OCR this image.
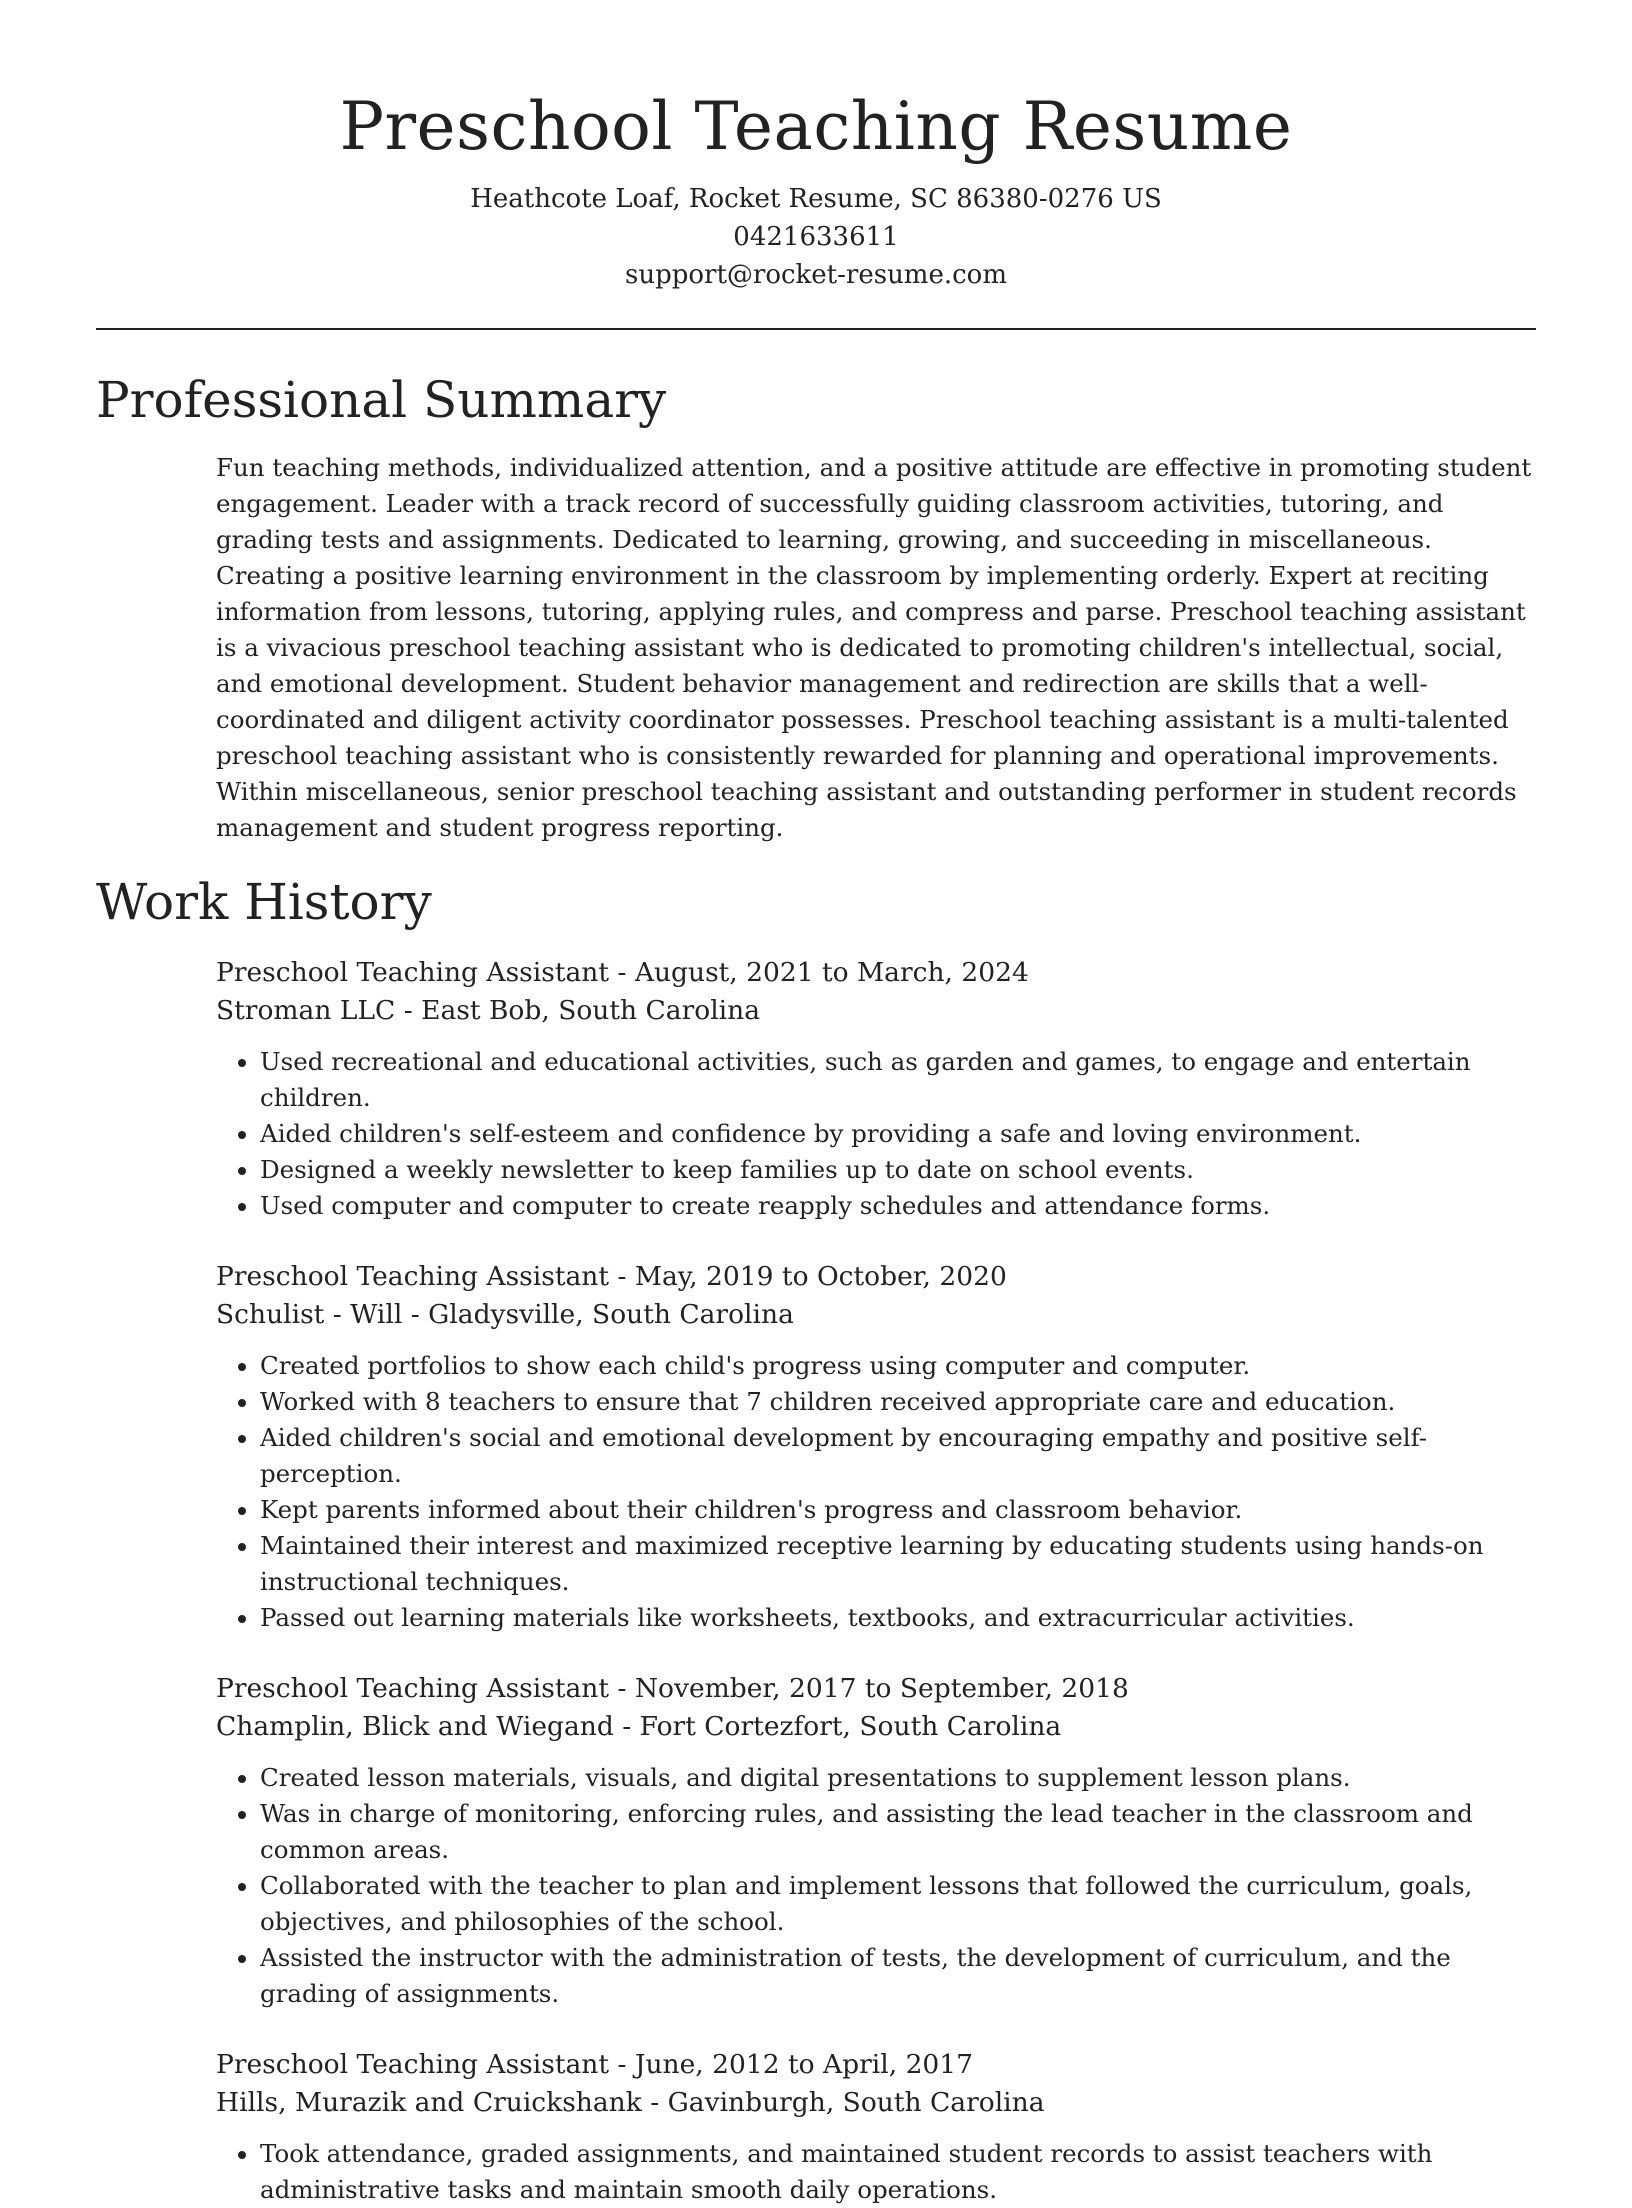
Preschool Teaching Resume

Heathcote Loaf, Rocket Resume, SC 86380-0276 US

0421633611

support@rocket-resume.com

Professional Summary

Fun teaching methods, individualized attention, and a positive attitude are effective in promoting student engagement. Leader with a track record of successfully guiding classroom activities, tutoring, and grading tests and assignments. Dedicated to learning, growing, and succeeding in miscellaneous. Creating a positive learning environment in the classroom by implementing orderly. Expert at reciting information from lessons, tutoring, applying rules, and compress and parse. Preschool teaching assistant is a vivacious preschool teaching assistant who is dedicated to promoting children's intellectual, social, and emotional development. Student behavior management and redirection are skills that a well-coordinated and diligent activity coordinator possesses. Preschool teaching assistant is a multi-talented preschool teaching assistant who is consistently rewarded for planning and operational improvements. Within miscellaneous, senior preschool teaching assistant and outstanding performer in student records management and student progress reporting.

Work History

Preschool Teaching Assistant - August, 2021 to March, 2024

Stroman LLC - East Bob, South Carolina

• Used recreational and educational activities, such as garden and games, to engage and entertain children.
• Aided children's self-esteem and confidence by providing a safe and loving environment.
• Designed a weekly newsletter to keep families up to date on school events.
• Used computer and computer to create reapply schedules and attendance forms.

Preschool Teaching Assistant - May, 2019 to October, 2020

Schulist - Will - Gladysville, South Carolina

• Created portfolios to show each child's progress using computer and computer.
• Worked with 8 teachers to ensure that 7 children received appropriate care and education.
• Aided children's social and emotional development by encouraging empathy and positive self-perception.
• Kept parents informed about their children's progress and classroom behavior.
• Maintained their interest and maximized receptive learning by educating students using hands-on instructional techniques.
• Passed out learning materials like worksheets, textbooks, and extracurricular activities.

Preschool Teaching Assistant - November, 2017 to September, 2018

Champlin, Blick and Wiegand - Fort Cortezfort, South Carolina

• Created lesson materials, visuals, and digital presentations to supplement lesson plans.
• Was in charge of monitoring, enforcing rules, and assisting the lead teacher in the classroom and common areas.
• Collaborated with the teacher to plan and implement lessons that followed the curriculum, goals, objectives, and philosophies of the school.
• Assisted the instructor with the administration of tests, the development of curriculum, and the grading of assignments.

Preschool Teaching Assistant - June, 2012 to April, 2017

Hills, Murazik and Cruickshank - Gavinburgh, South Carolina

• Took attendance, graded assignments, and maintained student records to assist teachers with administrative tasks and maintain smooth daily operations.
